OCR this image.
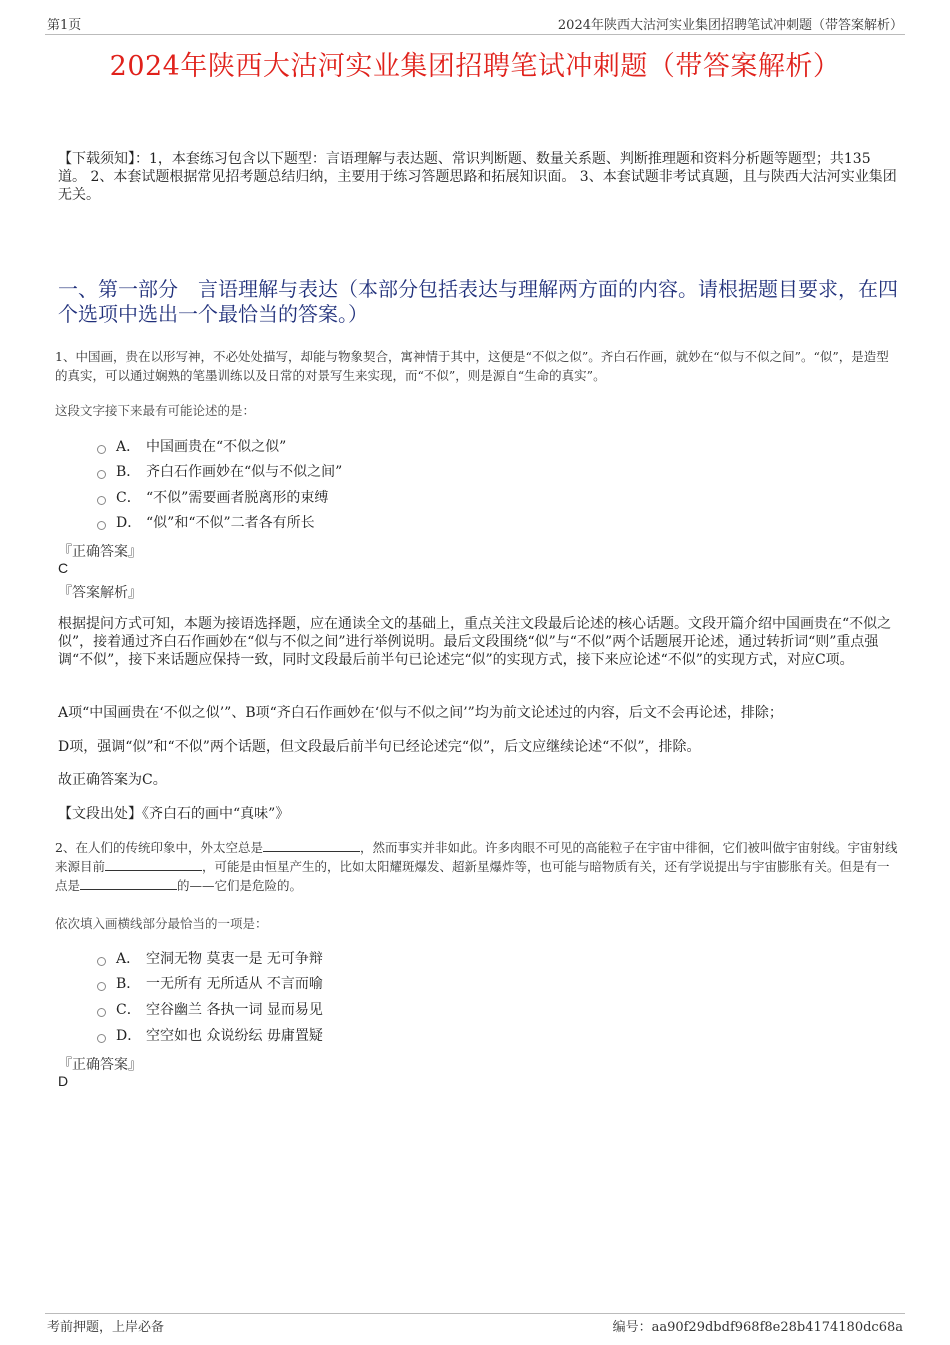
第1页	2024年陕西大沽河实业集团招聘笔试冲刺题（带答案解析）
2024年陕西大沽河实业集团招聘笔试冲刺题（带答案解析）
【下载须知】：1，本套练习包含以下题型：言语理解与表达题、常识判断题、数量关系题、判断推理题和资料分析题等题型；共135道。 2、本套试题根据常见招考题总结归纳，主要用于练习答题思路和拓展知识面。 3、本套试题非考试真题，且与陕西大沽河实业集团无关。
一、第一部分　言语理解与表达（本部分包括表达与理解两方面的内容。请根据题目要求，在四个选项中选出一个最恰当的答案。）
1、中国画，贵在以形写神，不必处处描写，却能与物象契合，寓神情于其中，这便是“不似之似”。齐白石作画，就妙在“似与不似之间”。“似”，是造型的真实，可以通过娴熟的笔墨训练以及日常的对景写生来实现，而“不似”，则是源自“生命的真实”。
这段文字接下来最有可能论述的是：
A． 中国画贵在“不似之似”
B． 齐白石作画妙在“似与不似之间”
C． “不似”需要画者脱离形的束缚
D． “似”和“不似”二者各有所长
『正确答案』
C
『答案解析』
根据提问方式可知，本题为接语选择题，应在通读全文的基础上，重点关注文段最后论述的核心话题。文段开篇介绍中国画贵在“不似之似”，接着通过齐白石作画妙在“似与不似之间”进行举例说明。最后文段围绕“似”与“不似”两个话题展开论述，通过转折词“则”重点强调“不似”，接下来话题应保持一致，同时文段最后前半句已论述完“似”的实现方式，接下来应论述“不似”的实现方式，对应C项。
A项“中国画贵在‘不似之似’”、B项“齐白石作画妙在‘似与不似之间’”均为前文论述过的内容，后文不会再论述，排除；
D项，强调“似”和“不似”两个话题，但文段最后前半句已经论述完“似”，后文应继续论述“不似”，排除。
故正确答案为C。
【文段出处】《齐白石的画中“真味”》
2、在人们的传统印象中，外太空总是	，然而事实并非如此。许多肉眼不可见的高能粒子在宇宙中徘徊，它们被叫做宇宙射线。宇宙射线来源目前	，可能是由恒星产生的，比如太阳耀斑爆发、超新星爆炸等，也可能与暗物质有关，还有学说提出与宇宙膨胀有关。但是有一点是	的——它们是危险的。
依次填入画横线部分最恰当的一项是：
A． 空洞无物 莫衷一是 无可争辩
B． 一无所有 无所适从 不言而喻
C． 空谷幽兰 各执一词 显而易见
D． 空空如也 众说纷纭 毋庸置疑
『正确答案』
D
考前押题，上岸必备	编号：aa90f29dbdf968f8e28b4174180dc68a
